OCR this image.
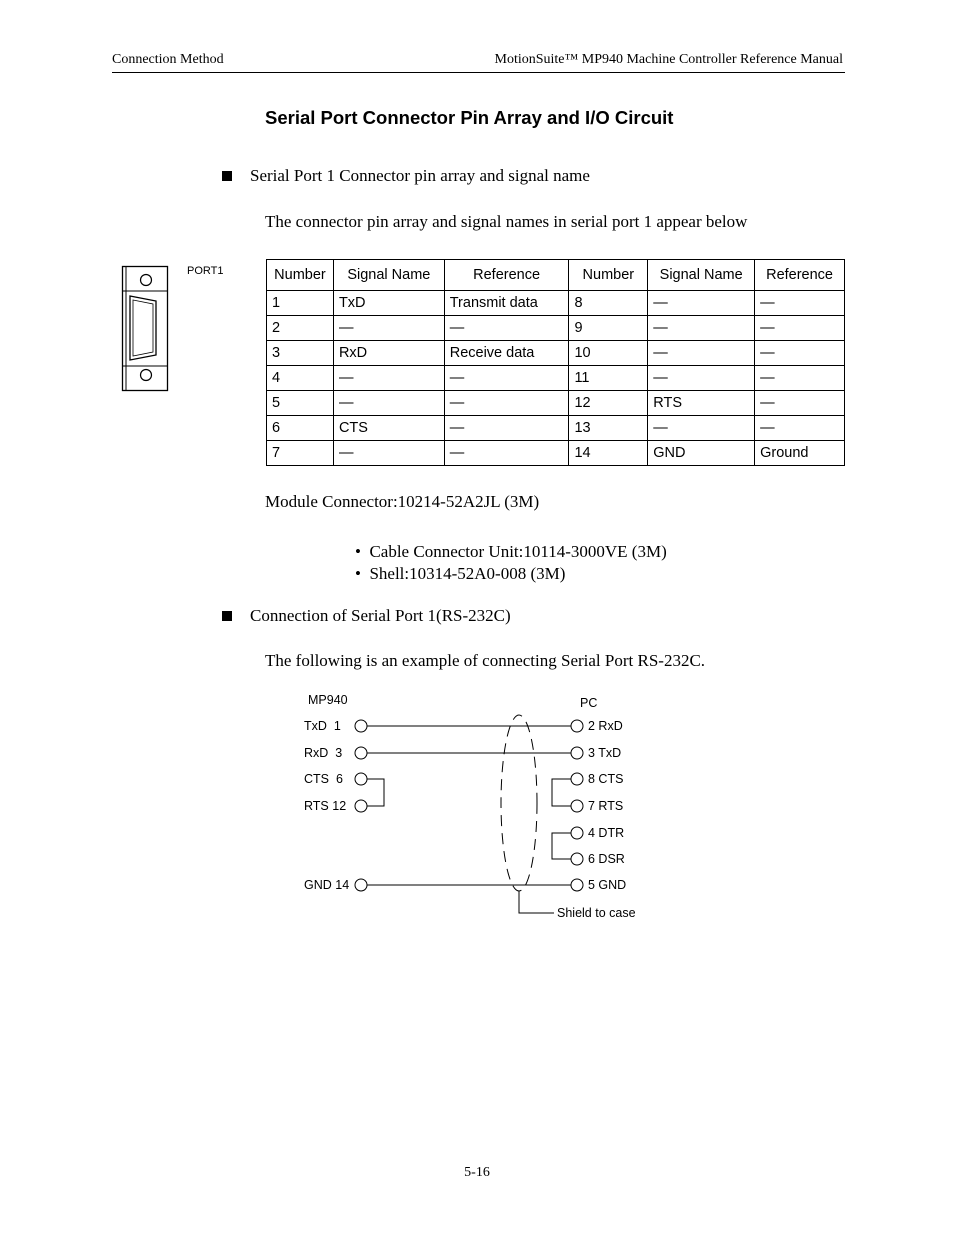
Connection Method	MotionSuite™ MP940 Machine Controller Reference Manual
Serial Port Connector Pin Array and I/O Circuit
Serial Port 1 Connector pin array and signal name
The connector pin array and signal names in serial port 1 appear below
PORT1	Number	Signal Name	Reference	Number	Signal Name	Reference
1	TxD	Transmit data	8	—	—
2	—	—	9	—	—
3	RxD	Receive data	10	—	—
4	—	—	11	—	—
5	—	—	12	RTS	—
6	CTS	—	13	—	—
7	—	—	14	GND	Ground
Module Connector:10214-52A2JL (3M)
•  Cable Connector Unit:10114-3000VE (3M)
•  Shell:10314-52A0-008 (3M)
Connection of Serial Port 1(RS-232C)
The following is an example of connecting Serial Port RS-232C.
MP940	PC
TxD  1
RxD  3
CTS  6
RTS 12
GND 14
2 RxD
3 TxD
8 CTS
7 RTS
4 DTR
6 DSR
5 GND
Shield to case
5-16
